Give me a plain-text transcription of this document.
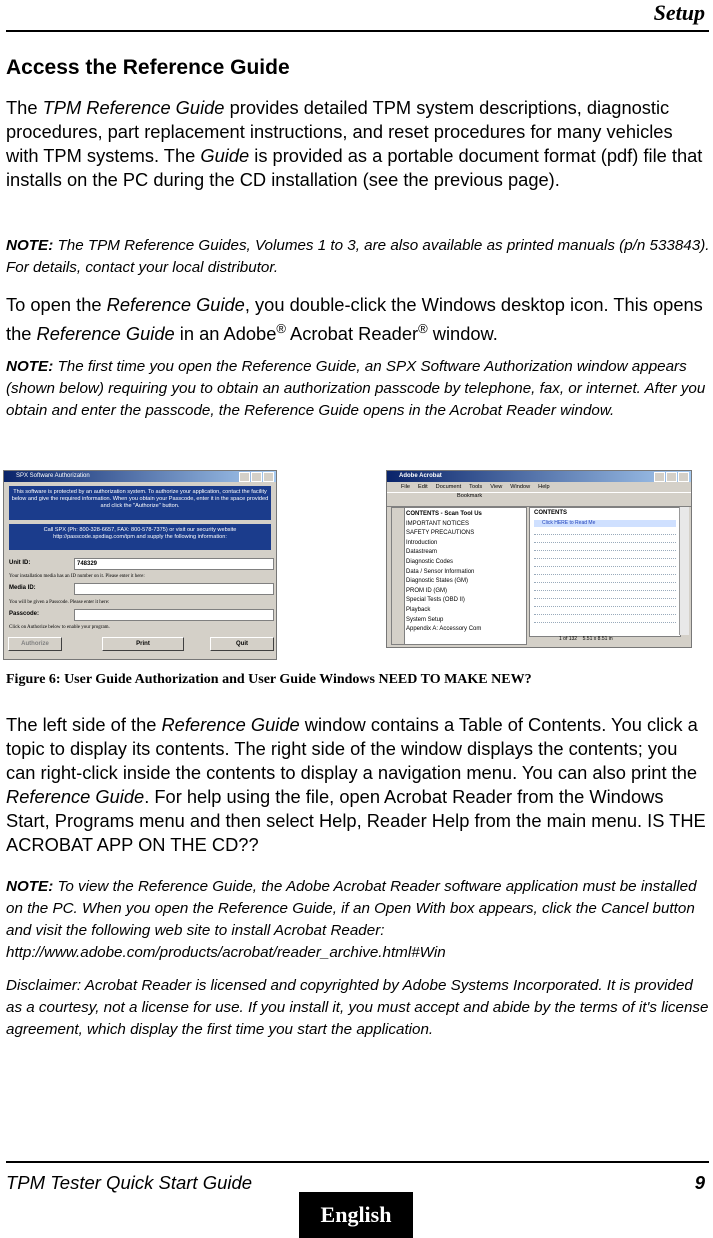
Setup
Access the Reference Guide

The TPM Reference Guide provides detailed TPM system descriptions, diagnostic procedures, part replacement instructions, and reset procedures for many vehicles with TPM systems. The Guide is provided as a portable document format (pdf) file that installs on the PC during the CD installation (see the previous page).

NOTE: The TPM Reference Guides, Volumes 1 to 3, are also available as printed manuals (p/n 533843). For details, contact your local distributor.

To open the Reference Guide, you double-click the Windows desktop icon. This opens the Reference Guide in an Adobe® Acrobat Reader® window.

NOTE: The first time you open the Reference Guide, an SPX Software Authorization window appears (shown below) requiring you to obtain an authorization passcode by telephone, fax, or internet. After you obtain and enter the passcode, the Reference Guide opens in the Acrobat Reader window.

SPX Software Authorization
This software is protected by an authorization system. To authorize your application, contact the facility below and give the required information. When you obtain your Passcode, enter it in the space provided and click the "Authorize" button.
Call SPX (Ph: 800-328-6657, FAX: 800-578-7375) or visit our security website http://passcode.spxdiag.com/tpm and supply the following information:
Unit ID:	748329
Your installation media has an ID number on it. Please enter it here:
Media ID:
You will be given a Passcode. Please enter it here:
Passcode:
Click on Authorize below to enable your program.
Authorize	Print	Quit
Adobe Acrobat
File Edit Document Tools View Window Help
Bookmark
CONTENTS - Scan Tool Us
IMPORTANT NOTICES
SAFETY PRECAUTIONS
Introduction
Datastream
Diagnostic Codes
Data / Sensor Information
Diagnostic States (GM)
PROM ID (GM)
Special Tests (OBD II)
Playback
System Setup
Appendix A: Accessory Com
CONTENTS
Click HERE to Read Me
1 of 132 5.51 x 8.51 in
Figure 6: User Guide Authorization and User Guide Windows NEED TO MAKE NEW?

The left side of the Reference Guide window contains a Table of Contents. You click a topic to display its contents. The right side of the window displays the contents; you can right-click inside the contents to display a navigation menu. You can also print the Reference Guide. For help using the file, open Acrobat Reader from the Windows Start, Programs menu and then select Help, Reader Help from the main menu. IS THE ACROBAT APP ON THE CD??

NOTE: To view the Reference Guide, the Adobe Acrobat Reader software application must be installed on the PC. When you open the Reference Guide, if an Open With box appears, click the Cancel button and visit the following web site to install Acrobat Reader: http://www.adobe.com/products/acrobat/reader_archive.html#Win

Disclaimer: Acrobat Reader is licensed and copyrighted by Adobe Systems Incorporated. It is provided as a courtesy, not a license for use. If you install it, you must accept and abide by the terms of it's license agreement, which display the first time you start the application.

TPM Tester Quick Start Guide	9
English
